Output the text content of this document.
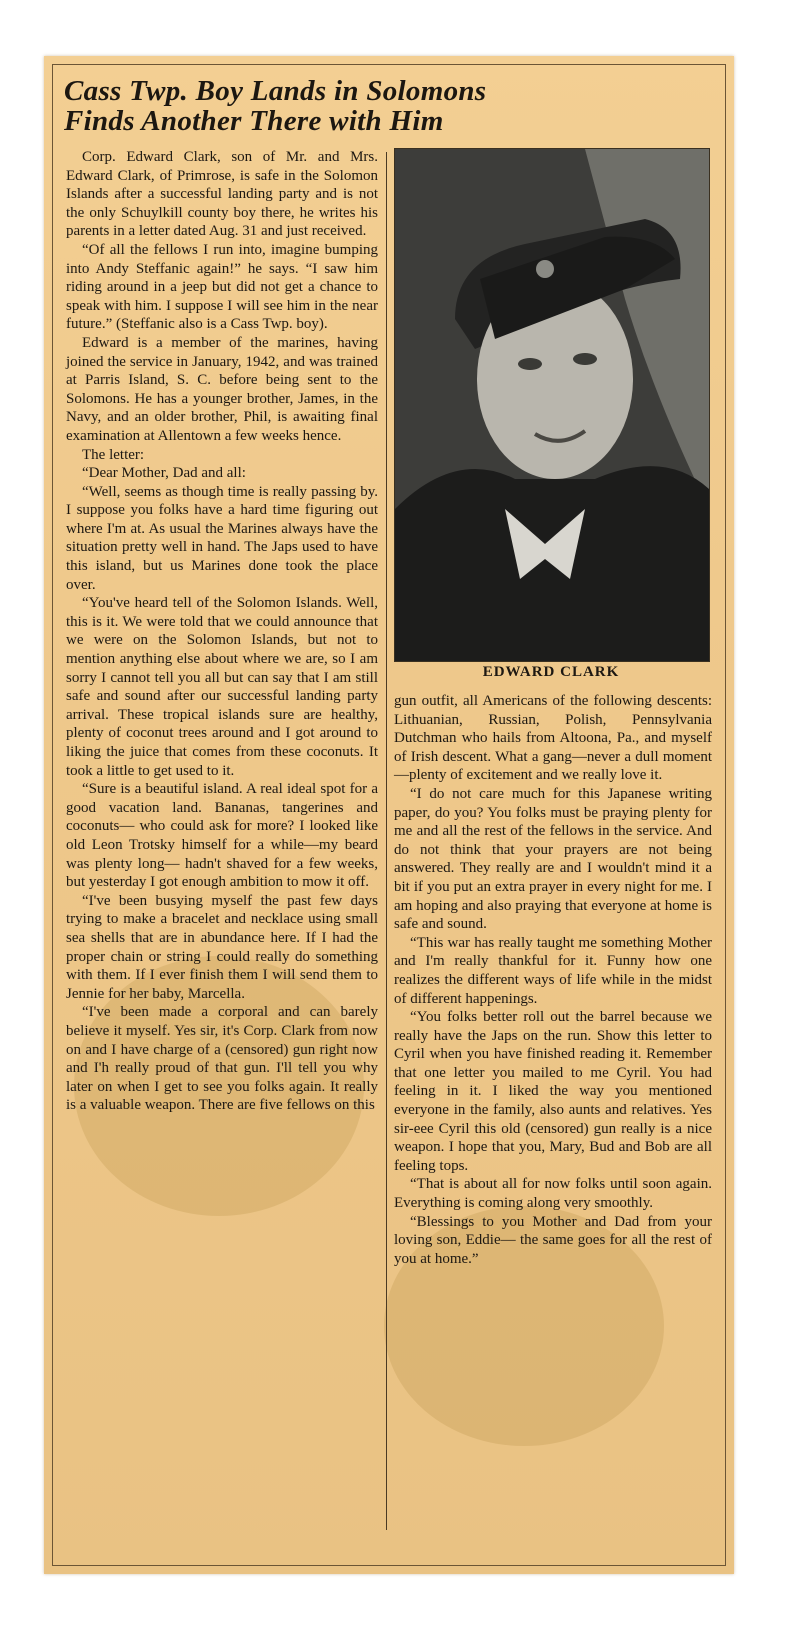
Cass Twp. Boy Lands in Solomons
Finds Another There with Him

Corp. Edward Clark, son of Mr. and Mrs. Edward Clark, of Primrose, is safe in the Solomon Islands after a successful landing party and is not the only Schuylkill county boy there, he writes his parents in a letter dated Aug. 31 and just received.

“Of all the fellows I run into, imagine bumping into Andy Steffanic again!” he says. “I saw him riding around in a jeep but did not get a chance to speak with him. I suppose I will see him in the near future.” (Steffanic also is a Cass Twp. boy).

Edward is a member of the marines, having joined the service in January, 1942, and was trained at Parris Island, S. C. before being sent to the Solomons. He has a younger brother, James, in the Navy, and an older brother, Phil, is awaiting final examination at Allentown a few weeks hence.

The letter:

“Dear Mother, Dad and all:

“Well, seems as though time is really passing by. I suppose you folks have a hard time figuring out where I'm at. As usual the Marines always have the situation pretty well in hand. The Japs used to have this island, but us Marines done took the place over.

“You've heard tell of the Solomon Islands. Well, this is it. We were told that we could announce that we were on the Solomon Islands, but not to mention anything else about where we are, so I am sorry I cannot tell you all but can say that I am still safe and sound after our successful landing party arrival. These tropical islands sure are healthy, plenty of coconut trees around and I got around to liking the juice that comes from these coconuts. It took a little to get used to it.

“Sure is a beautiful island. A real ideal spot for a good vacation land. Bananas, tangerines and coconuts— who could ask for more? I looked like old Leon Trotsky himself for a while—my beard was plenty long— hadn't shaved for a few weeks, but yesterday I got enough ambition to mow it off.

“I've been busying myself the past few days trying to make a bracelet and necklace using small sea shells that are in abundance here. If I had the proper chain or string I could really do something with them. If I ever finish them I will send them to Jennie for her baby, Marcella.

“I've been made a corporal and can barely believe it myself. Yes sir, it's Corp. Clark from now on and I have charge of a (censored) gun right now and I'h really proud of that gun. I'll tell you why later on when I get to see you folks again. It really is a valuable weapon. There are five fellows on this

EDWARD CLARK

gun outfit, all Americans of the following descents: Lithuanian, Russian, Polish, Pennsylvania Dutchman who hails from Altoona, Pa., and myself of Irish descent. What a gang—never a dull moment —plenty of excitement and we really love it.

“I do not care much for this Japanese writing paper, do you? You folks must be praying plenty for me and all the rest of the fellows in the service. And do not think that your prayers are not being answered. They really are and I wouldn't mind it a bit if you put an extra prayer in every night for me. I am hoping and also praying that everyone at home is safe and sound.

“This war has really taught me something Mother and I'm really thankful for it. Funny how one realizes the different ways of life while in the midst of different happenings.

“You folks better roll out the barrel because we really have the Japs on the run. Show this letter to Cyril when you have finished reading it. Remember that one letter you mailed to me Cyril. You had feeling in it. I liked the way you mentioned everyone in the family, also aunts and relatives. Yes sir-eee Cyril this old (censored) gun really is a nice weapon. I hope that you, Mary, Bud and Bob are all feeling tops.

“That is about all for now folks until soon again. Everything is coming along very smoothly.

“Blessings to you Mother and Dad from your loving son, Eddie— the same goes for all the rest of you at home.”
